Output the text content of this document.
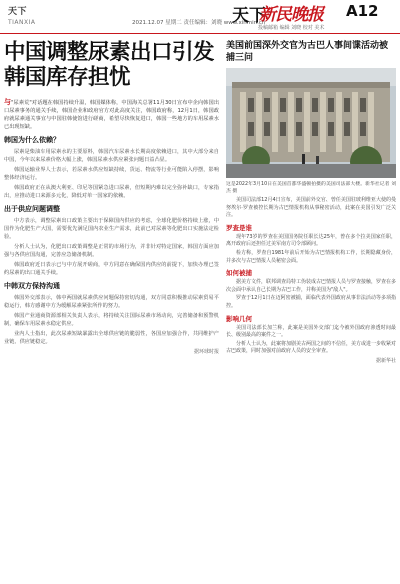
天下
TIANXIA	2021.12.07 星期二 责任编辑：刘晓 www.xinmin.cn
天下
新民晚报 A12
投稿邮箱 编辑 刘晓 校对 美术
中国调整尿素出口引发韩国库存担忧
与"尿素荒"对话题在韩国持续升温，韩国媒体称，中国海关总署11月30日宣布中企向韩国出口尿素事务的通关手续，韩国企业和政府官方对此高度关注，韩国政府称，12月1日，韩国政府就尿素通关事宜与中国驻韩使馆进行磋商，希望尽快恢复进口，韩国一些地方的车用尿素水已出现短缺。
韩国为什么依赖？

尿素是柴油车用尿素水的主要原料，韩国汽车尿素水长期高度依赖进口，其中大部分来自中国，今年以来尿素价格大幅上涨，韩国尿素水供应紧张问题日益凸显。

韩国运输业界人士表示，若尿素水供应短缺持续，货运、物流等行业可能陷入停摆，影响整体经济运行。

韩国政府正在从澳大利亚、印尼等国紧急进口尿素，但短期内难以完全弥补缺口，专家指出，应推动进口来源多元化，降低对单一国家的依赖。

出于供应问题调整

中方表示，调整尿素出口政策主要出于保障国内供应的考虑，全球化肥价格持续上涨，中国作为化肥生产大国，需要优先满足国内农业生产需求，此前已对尿素等化肥出口实施法定检验。

分析人士认为，化肥出口政策调整是正常的市场行为，并非针对特定国家，韩国方面应加强与各供应国沟通，完善应急储备机制。

韩国政府近日表示已与中方展开磋商，中方同意在确保国内供应的前提下，加快办理已签约尿素的出口通关手续。

中韩双方保持沟通

韩国外交部表示，韩中两国就尿素供应问题保持密切沟通，双方同意积极推动尿素贸易平稳运行，韩方感谢中方为缓解尿素紧张所作的努力。

韩国产业通商资源部相关负责人表示，将持续关注国际尿素市场动向，完善储备和预警机制，确保车用尿素水稳定供应。

业内人士指出，此次尿素短缺暴露出全球供应链的脆弱性，各国应加强合作，共同维护产业链、供应链稳定。

据环球时报
美国前国深外交官为古巴人事间谍活动被捕三问
这是2022年3月10日在美国首都华盛顿拍摄的美国司法部大楼。新华社记者 刘杰 摄

美国司法部12月4日宣布，美国前外交官、曾任美国驻玻利维亚大使的曼努埃尔·罗查被控长期为古巴情报机构从事秘密活动，此案在美国引发广泛关注。

罗查是谁

现年73岁的罗查在美国国务院任职长达25年，曾在多个拉美国家任职，离开政府后还担任过美军南方司令部顾问。

检方称，罗查自1981年前后开始为古巴情报机构工作，长期隐藏身份，并多次与古巴情报人员秘密会面。

如何被捕

据美方文件，联邦调查局特工伪装成古巴情报人员与罗查接触，罗查在多次会面中承认自己长期为古巴工作，并称美国为"敌人"。

罗查于12月1日在迈阿密被捕，面临代表外国政府从事非法活动等多项指控。

影响几何

美国司法部长加兰称，此案是美国外交部门迄今被外国政府渗透时间最长、级别最高的案件之一。

分析人士认为，此案将加剧美古两国之间的不信任，美方或进一步收紧对古巴政策，同时加强对前政府人员的安全审查。

据新华社
